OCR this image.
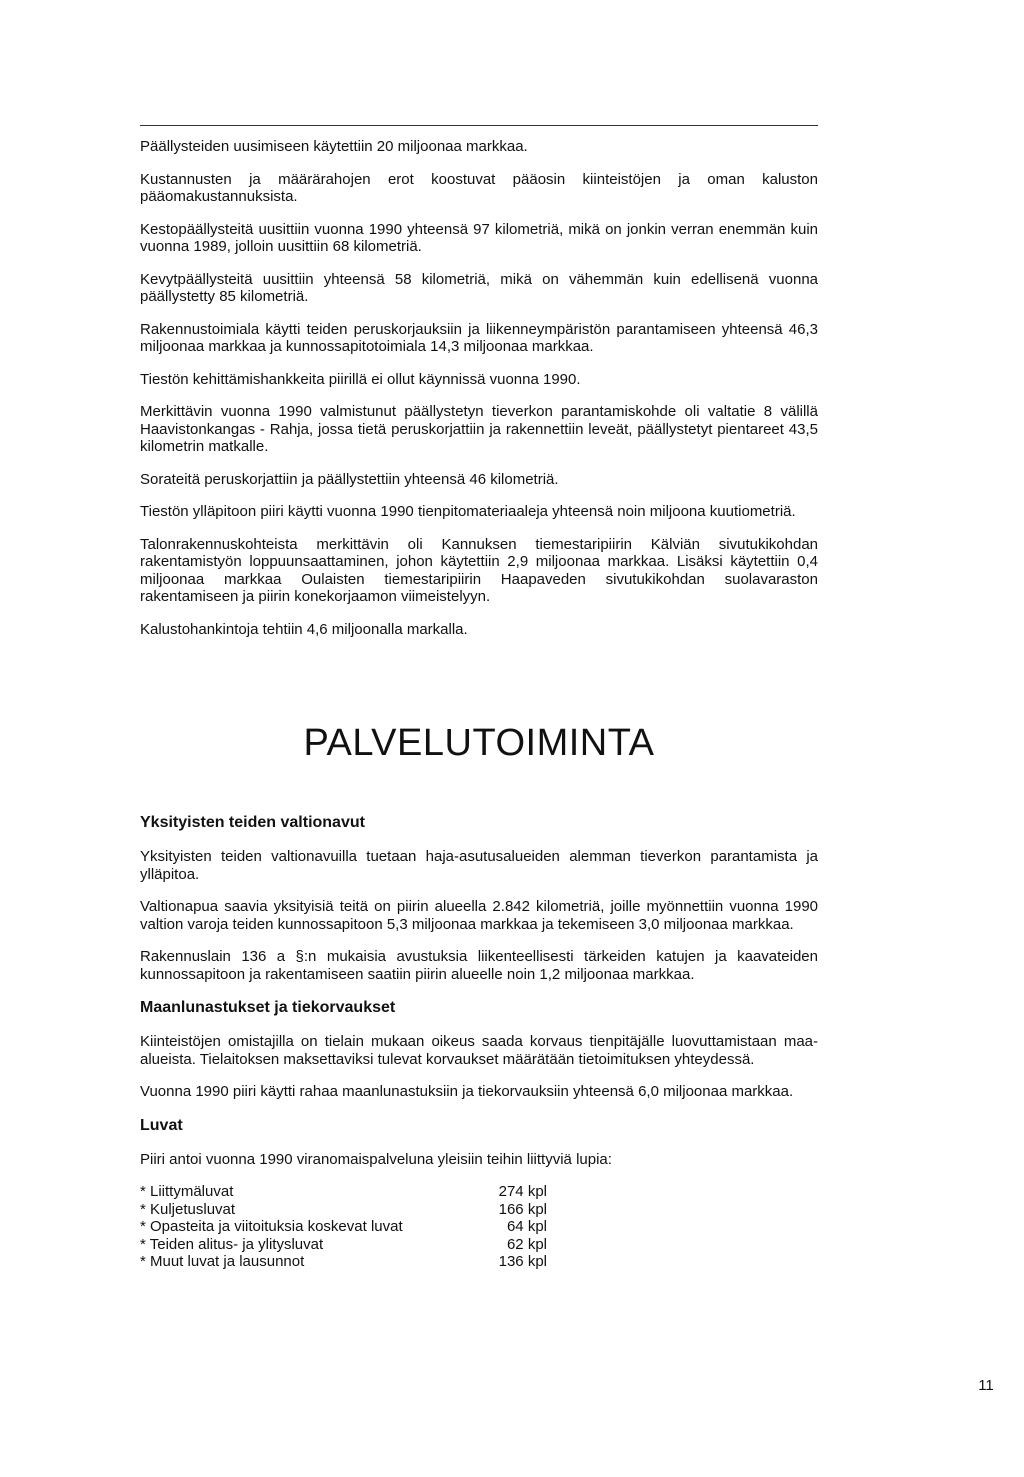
Päällysteiden uusimiseen käytettiin 20 miljoonaa markkaa.

Kustannusten ja määrärahojen erot koostuvat pääosin kiinteistöjen ja oman kaluston pääomakustannuksista.

Kestopäällysteitä uusittiin vuonna 1990 yhteensä 97 kilometriä, mikä on jonkin verran enemmän kuin vuonna 1989, jolloin uusittiin 68 kilometriä.

Kevytpäällysteitä uusittiin yhteensä 58 kilometriä, mikä on vähemmän kuin edellisenä vuonna päällystetty 85 kilometriä.

Rakennustoimiala käytti teiden peruskorjauksiin ja liikenneympäristön parantamiseen yhteensä 46,3 miljoonaa markkaa ja kunnossapitotoimiala 14,3 miljoonaa markkaa.

Tiestön kehittämishankkeita piirillä ei ollut käynnissä vuonna 1990.

Merkittävin vuonna 1990 valmistunut päällystetyn tieverkon parantamiskohde oli valtatie 8 välillä Haavistonkangas - Rahja, jossa tietä peruskorjattiin ja rakennettiin leveät, päällystetyt pientareet 43,5 kilometrin matkalle.

Sorateitä peruskorjattiin ja päällystettiin yhteensä 46 kilometriä.

Tiestön ylläpitoon piiri käytti vuonna 1990 tienpitomateriaaleja yhteensä noin miljoona kuutiometriä.

Talonrakennuskohteista merkittävin oli Kannuksen tiemestaripiirin Kälviän sivutukikohdan rakentamistyön loppuunsaattaminen, johon käytettiin 2,9 miljoonaa markkaa. Lisäksi käytettiin 0,4 miljoonaa markkaa Oulaisten tiemestaripiirin Haapaveden sivutukikohdan suolavaraston rakentamiseen ja piirin konekorjaamon viimeistelyyn.

Kalustohankintoja tehtiin 4,6 miljoonalla markalla.

PALVELUTOIMINTA
Yksityisten teiden valtionavut

Yksityisten teiden valtionavuilla tuetaan haja-asutusalueiden alemman tieverkon parantamista ja ylläpitoa.

Valtionapua saavia yksityisiä teitä on piirin alueella 2.842 kilometriä, joille myönnettiin vuonna 1990 valtion varoja teiden kunnossapitoon 5,3 miljoonaa markkaa ja tekemiseen 3,0 miljoonaa markkaa.

Rakennuslain 136 a §:n mukaisia avustuksia liikenteellisesti tärkeiden katujen ja kaavateiden kunnossapitoon ja rakentamiseen saatiin piirin alueelle noin 1,2 miljoonaa markkaa.

Maanlunastukset ja tiekorvaukset

Kiinteistöjen omistajilla on tielain mukaan oikeus saada korvaus tienpitäjälle luovuttamistaan maa-alueista. Tielaitoksen maksettaviksi tulevat korvaukset määrätään tietoimituksen yhteydessä.

Vuonna 1990 piiri käytti rahaa maanlunastuksiin ja tiekorvauksiin yhteensä 6,0 miljoonaa markkaa.

Luvat

Piiri antoi vuonna 1990 viranomaispalveluna yleisiin teihin liittyviä lupia:

* Liittymäluvat	274 kpl
* Kuljetusluvat	166 kpl
* Opasteita ja viitoituksia koskevat luvat	64 kpl
* Teiden alitus- ja ylitysluvat	62 kpl
* Muut luvat ja lausunnot	136 kpl
11
